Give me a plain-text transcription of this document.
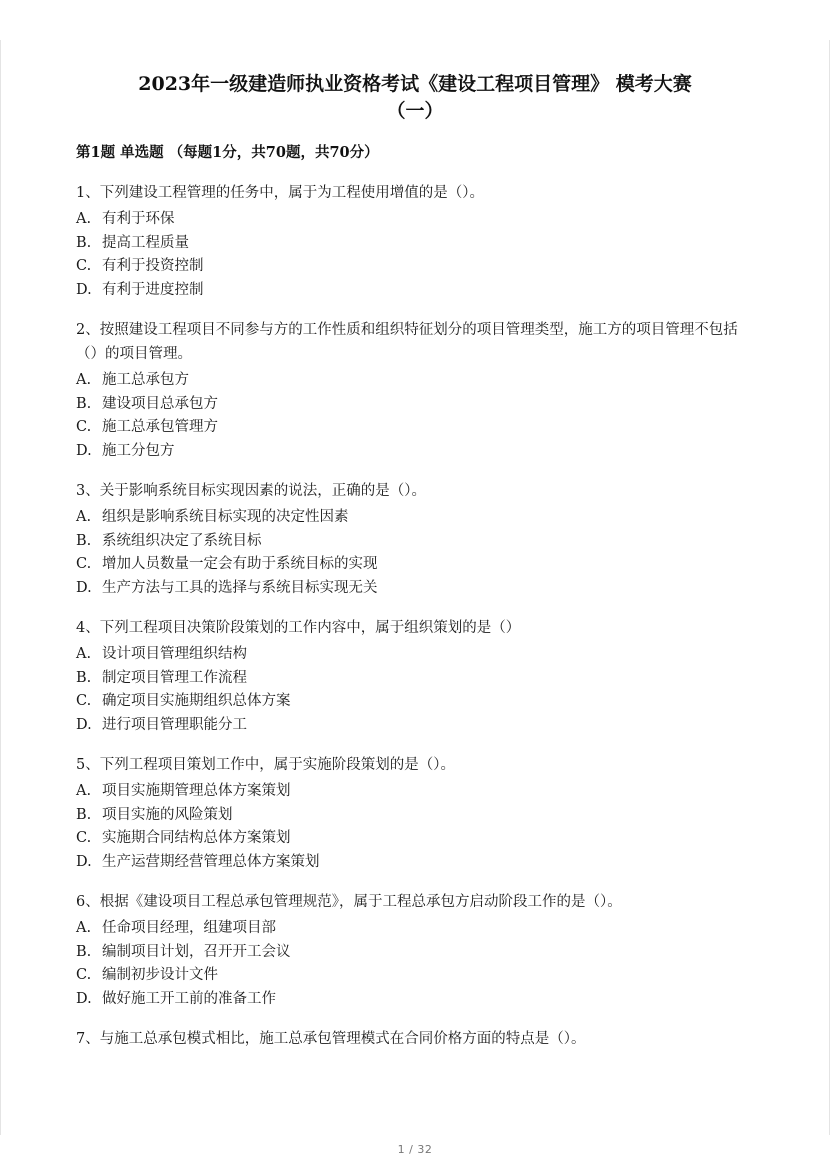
2023年一级建造师执业资格考试《建设工程项目管理》 模考大赛
（一）
第1题 单选题 （每题1分，共70题，共70分）
1、下列建设工程管理的任务中，属于为工程使用增值的是（）。
A. 有利于环保
B. 提高工程质量
C. 有利于投资控制
D. 有利于进度控制
2、按照建设工程项目不同参与方的工作性质和组织特征划分的项目管理类型，施工方的项目管理不包括（）的项目管理。
A. 施工总承包方
B. 建设项目总承包方
C. 施工总承包管理方
D. 施工分包方
3、关于影响系统目标实现因素的说法，正确的是（）。
A. 组织是影响系统目标实现的决定性因素
B. 系统组织决定了系统目标
C. 增加人员数量一定会有助于系统目标的实现
D. 生产方法与工具的选择与系统目标实现无关
4、下列工程项目决策阶段策划的工作内容中，属于组织策划的是（）
A. 设计项目管理组织结构
B. 制定项目管理工作流程
C. 确定项目实施期组织总体方案
D. 进行项目管理职能分工
5、下列工程项目策划工作中，属于实施阶段策划的是（）。
A. 项目实施期管理总体方案策划
B. 项目实施的风险策划
C. 实施期合同结构总体方案策划
D. 生产运营期经营管理总体方案策划
6、根据《建设项目工程总承包管理规范》，属于工程总承包方启动阶段工作的是（）。
A. 任命项目经理，组建项目部
B. 编制项目计划，召开开工会议
C. 编制初步设计文件
D. 做好施工开工前的准备工作
7、与施工总承包模式相比，施工总承包管理模式在合同价格方面的特点是（）。
1 / 32
